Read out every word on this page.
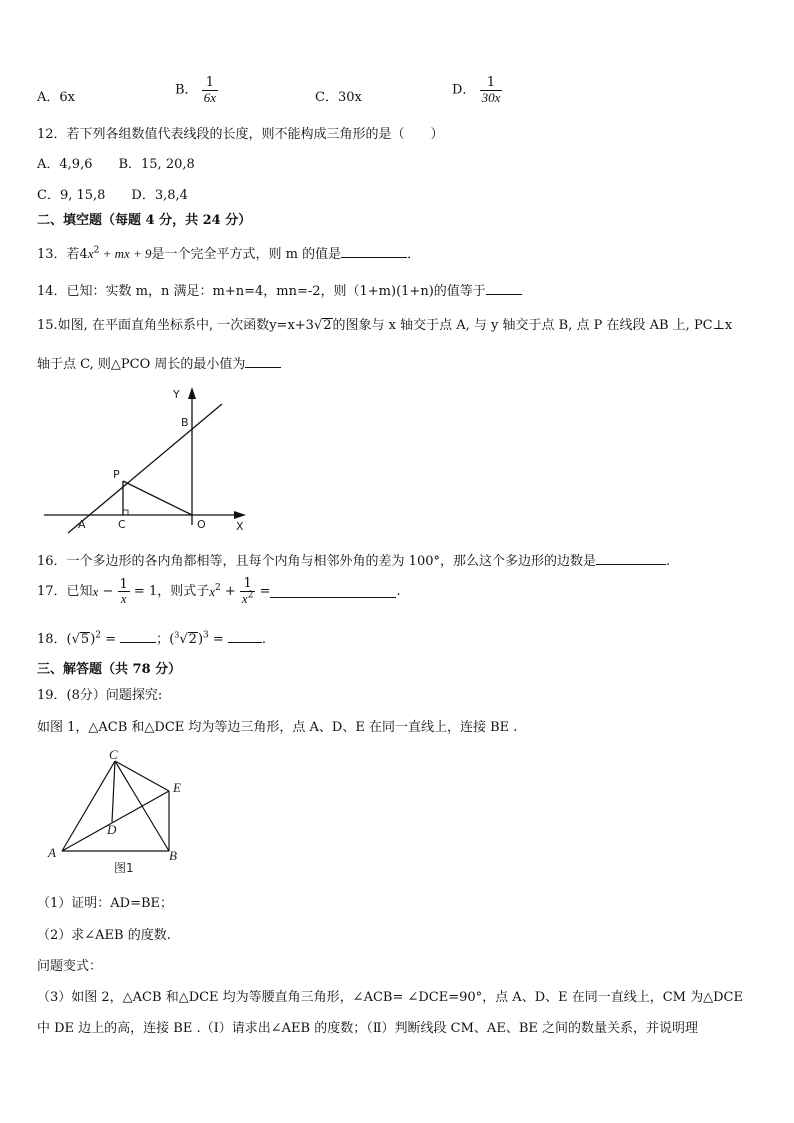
A．6x
B． $\frac{1}{6x}$	C．30x
D． $\frac{1}{30x}$
12．若下列各组数值代表线段的长度，则不能构成三角形的是（　　）
A．4,9,6　　B．15, 20,8
C．9, 15,8　　D．3,8,4
二、填空题（每题 4 分，共 24 分）
13．若$4x^2$ + mx + 9是一个完全平方式，则 m 的值是	．
14．已知：实数 m，n 满足：m+n=4，mn=-2，则（1+m)(1+n)的值等于
15.如图, 在平面直角坐标系中, 一次函数y=x+3√2的图象与 x 轴交于点 A, 与 y 轴交于点 B, 点 P 在线段 AB 上, PC⊥x
轴于点 C, 则△PCO 周长的最小值为
Y
B
P
A	C	O	X
16．一个多边形的各内角都相等，且每个内角与相邻外角的差为 100°，那么这个多边形的边数是	.
17．已知$x - \frac{1}{x} = 1$，则式子$x^2 + \frac{1}{x^2}$ =	.
18．$(√5)^2$ =	；$(^3√2)^3$ =	.
三、解答题（共 78 分）
19．(8分）问题探究:
如图 1，△ACB 和△DCE 均为等边三角形，点 A、D、E 在同一直线上，连接 BE .
C
E
D
A	B
图1
（1）证明：AD=BE；
（2）求∠AEB 的度数.
问题变式：
（3）如图 2，△ACB 和△DCE 均为等腰直角三角形，∠ACB= ∠DCE=90°，点 A、D、E 在同一直线上，CM 为△DCE
中 DE 边上的高，连接 BE .（Ⅰ）请求出∠AEB 的度数；（Ⅱ）判断线段 CM、AE、BE 之间的数量关系，并说明理
